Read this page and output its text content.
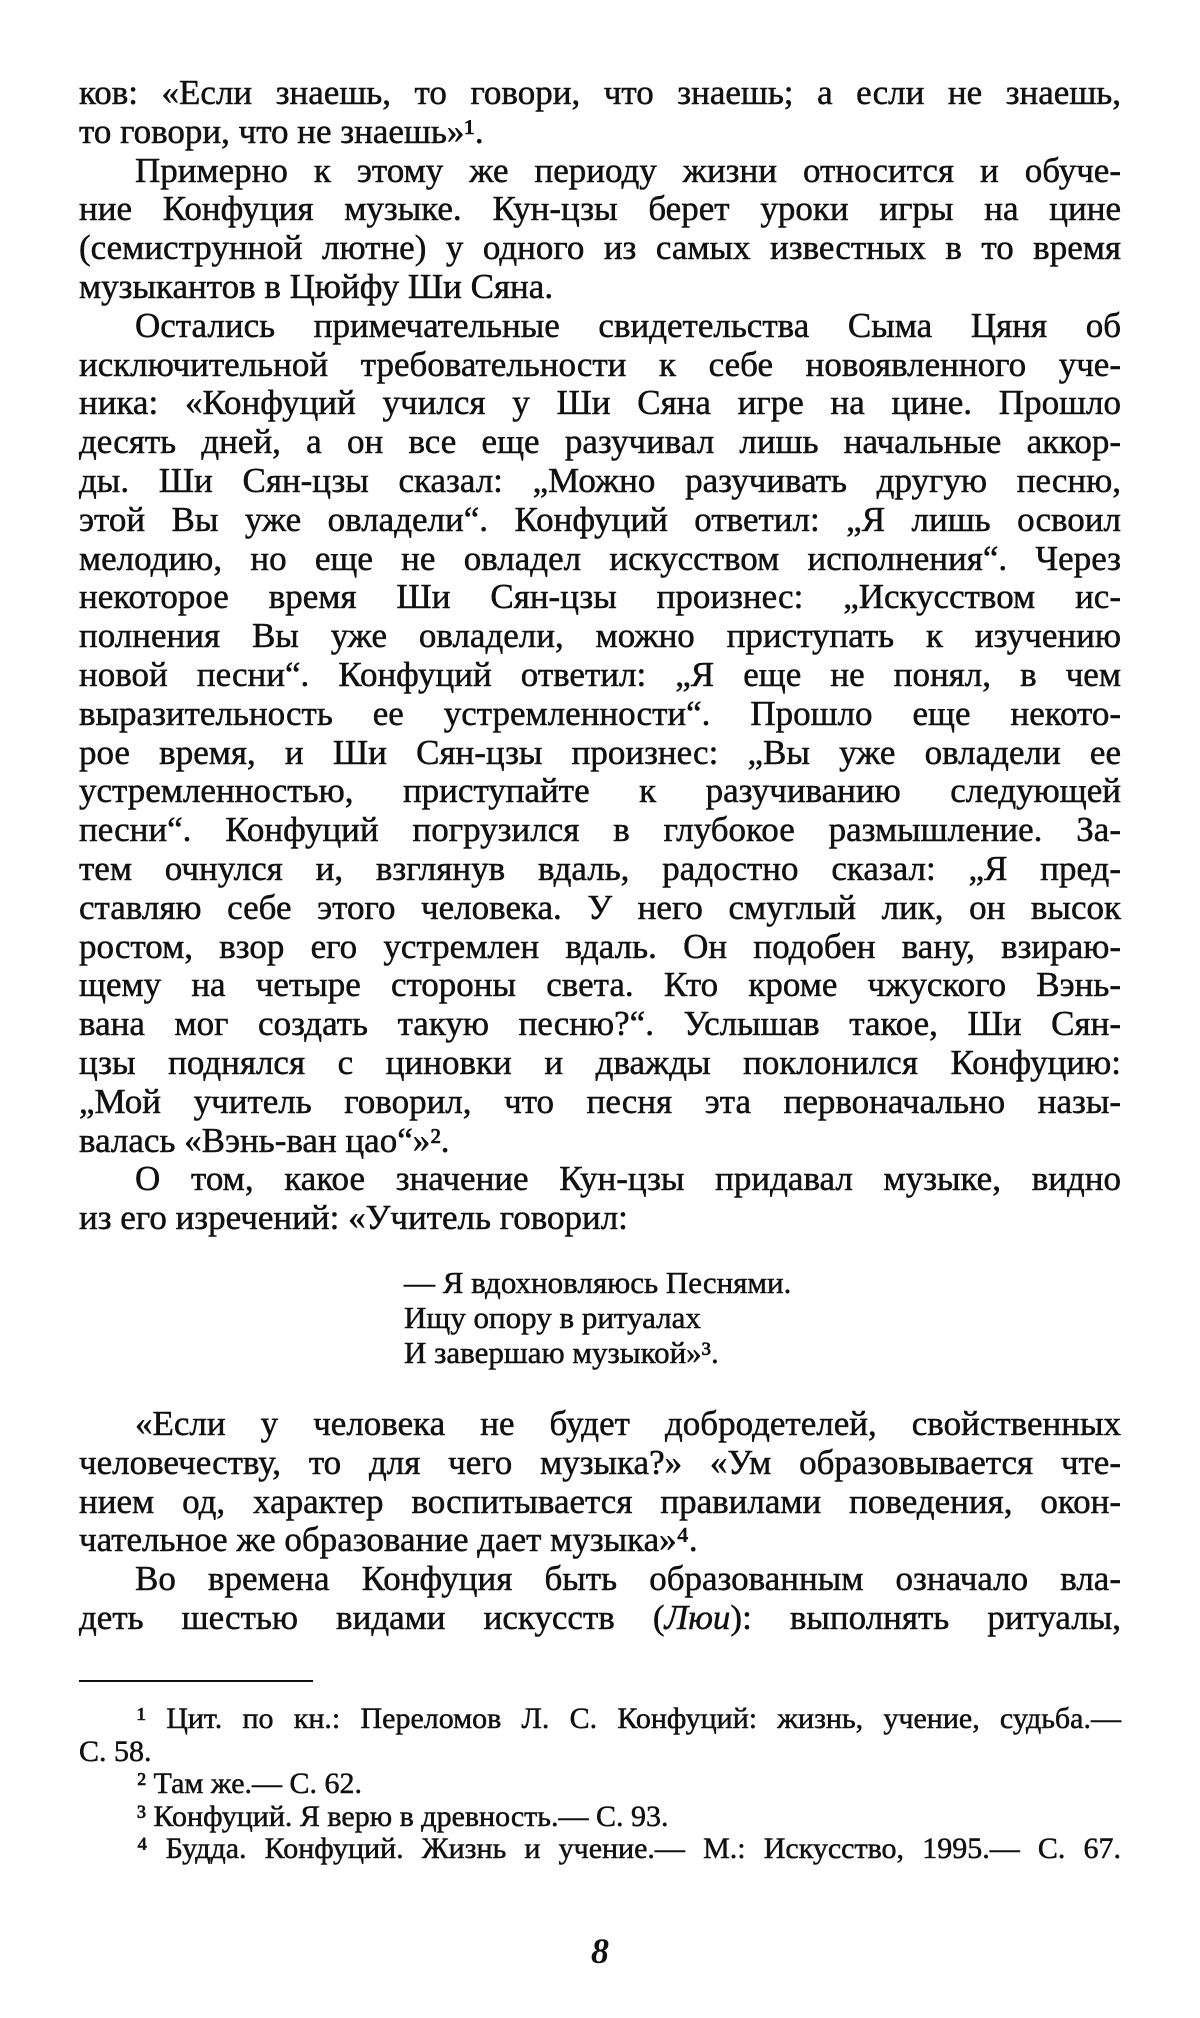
ков: «Если знаешь, то говори, что знаешь; а если не знаешь,
то говори, что не знаешь»¹.
Примерно к этому же периоду жизни относится и обуче-
ние Конфуция музыке. Кун-цзы берет уроки игры на цине
(семиструнной лютне) у одного из самых известных в то время
музыкантов в Цюйфу Ши Сяна.
Остались примечательные свидетельства Сыма Цяня об
исключительной требовательности к себе новоявленного уче-
ника: «Конфуций учился у Ши Сяна игре на цине. Прошло
десять дней, а он все еще разучивал лишь начальные аккор-
ды. Ши Сян-цзы сказал: „Можно разучивать другую песню,
этой Вы уже овладели“. Конфуций ответил: „Я лишь освоил
мелодию, но еще не овладел искусством исполнения“. Через
некоторое время Ши Сян-цзы произнес: „Искусством ис-
полнения Вы уже овладели, можно приступать к изучению
новой песни“. Конфуций ответил: „Я еще не понял, в чем
выразительность ее устремленности“. Прошло еще некото-
рое время, и Ши Сян-цзы произнес: „Вы уже овладели ее
устремленностью, приступайте к разучиванию следующей
песни“. Конфуций погрузился в глубокое размышление. За-
тем очнулся и, взглянув вдаль, радостно сказал: „Я пред-
ставляю себе этого человека. У него смуглый лик, он высок
ростом, взор его устремлен вдаль. Он подобен вану, взираю-
щему на четыре стороны света. Кто кроме чжуского Вэнь-
вана мог создать такую песню?“. Услышав такое, Ши Сян-
цзы поднялся с циновки и дважды поклонился Конфуцию:
„Мой учитель говорил, что песня эта первоначально назы-
валась «Вэнь-ван цао“»².
О том, какое значение Кун-цзы придавал музыке, видно
из его изречений: «Учитель говорил:
— Я вдохновляюсь Песнями.
Ищу опору в ритуалах
И завершаю музыкой»³.
«Если у человека не будет добродетелей, свойственных
человечеству, то для чего музыка?» «Ум образовывается чте-
нием од, характер воспитывается правилами поведения, окон-
чательное же образование дает музыка»⁴.
Во времена Конфуция быть образованным означало вла-
деть шестью видами искусств (Люи): выполнять ритуалы,
¹ Цит. по кн.: Переломов Л. С. Конфуций: жизнь, учение, судьба.—
С. 58.
² Там же.— С. 62.
³ Конфуций. Я верю в древность.— С. 93.
⁴ Будда. Конфуций. Жизнь и учение.— М.: Искусство, 1995.— С. 67.
8
